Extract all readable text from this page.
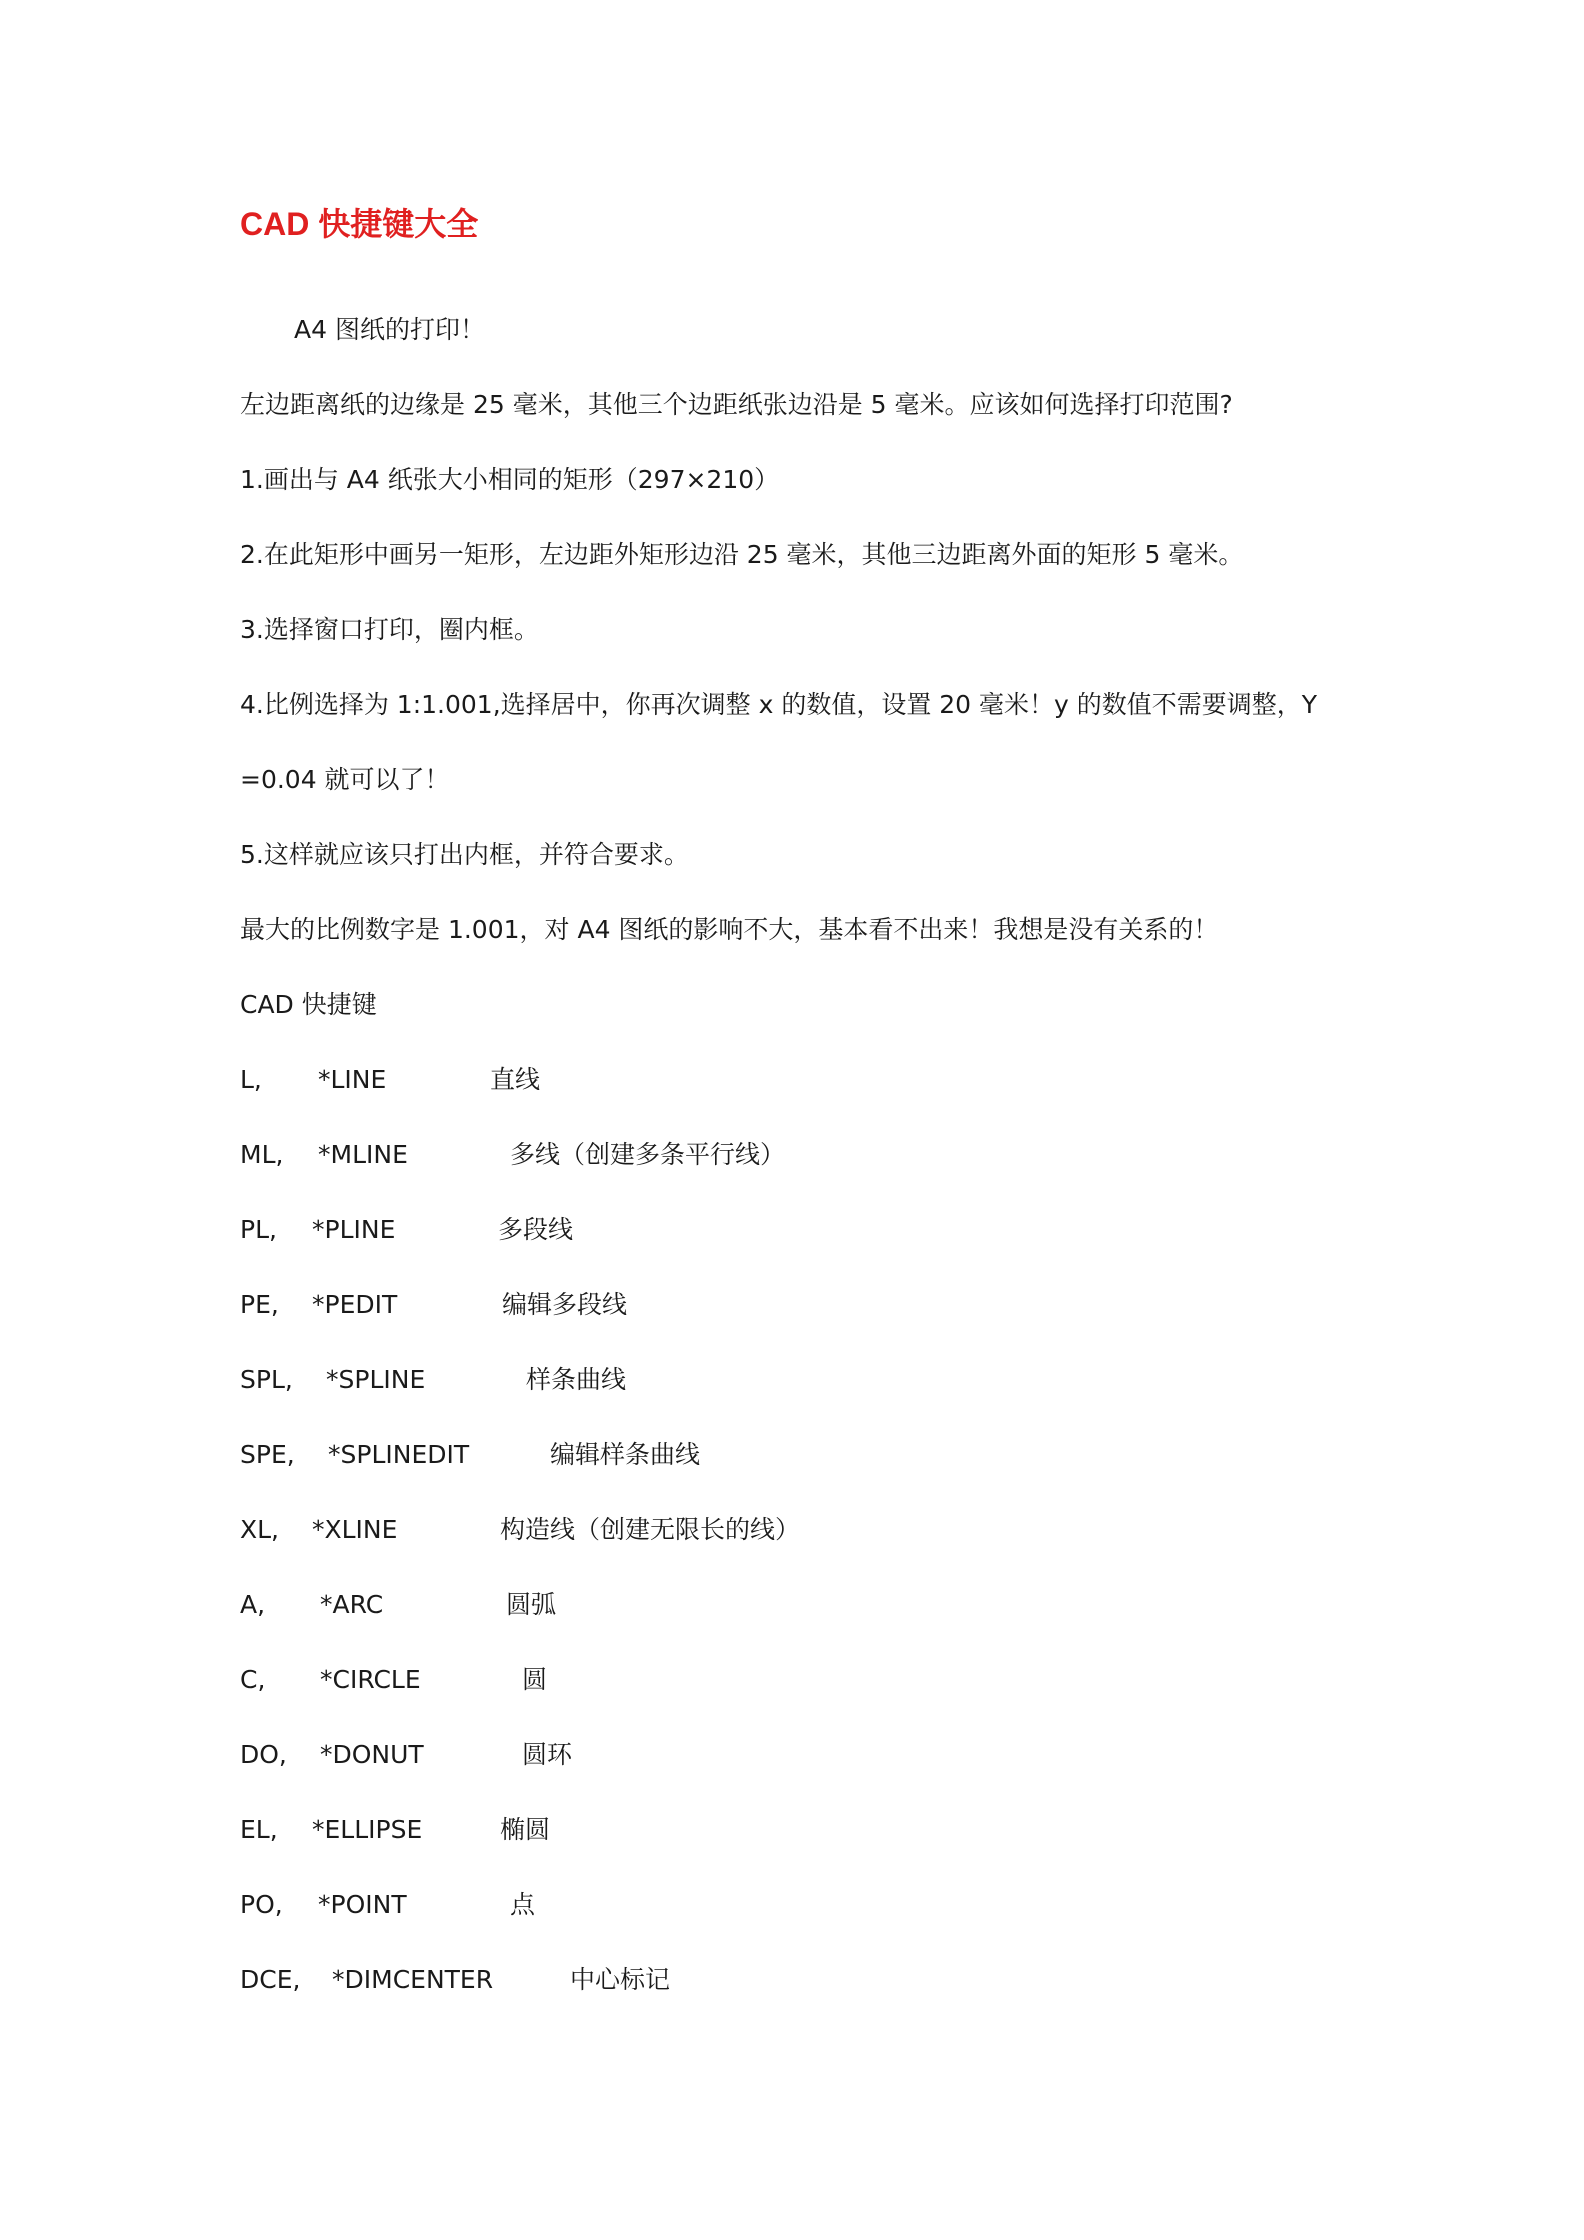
CAD 快捷键大全
A4 图纸的打印！
左边距离纸的边缘是 25 毫米，其他三个边距纸张边沿是 5 毫米。应该如何选择打印范围?
1.画出与 A4 纸张大小相同的矩形（297×210）
2.在此矩形中画另一矩形，左边距外矩形边沿 25 毫米，其他三边距离外面的矩形 5 毫米。
3.选择窗口打印，圈内框。
4.比例选择为 1:1.001,选择居中，你再次调整 x 的数值，设置 20 毫米！y 的数值不需要调整，Y
=0.04 就可以了！
5.这样就应该只打出内框，并符合要求。
最大的比例数字是 1.001，对 A4 图纸的影响不大，基本看不出来！我想是没有关系的！
CAD 快捷键
L, *LINE	直线
ML, *MLINE	多线（创建多条平行线）
PL, *PLINE	多段线
PE, *PEDIT	编辑多段线
SPL, *SPLINE	样条曲线
SPE, *SPLINEDIT	编辑样条曲线
XL, *XLINE	构造线（创建无限长的线）
A, *ARC	圆弧
C, *CIRCLE	圆
DO, *DONUT	圆环
EL, *ELLIPSE	椭圆
PO, *POINT	点
DCE, *DIMCENTER	中心标记
